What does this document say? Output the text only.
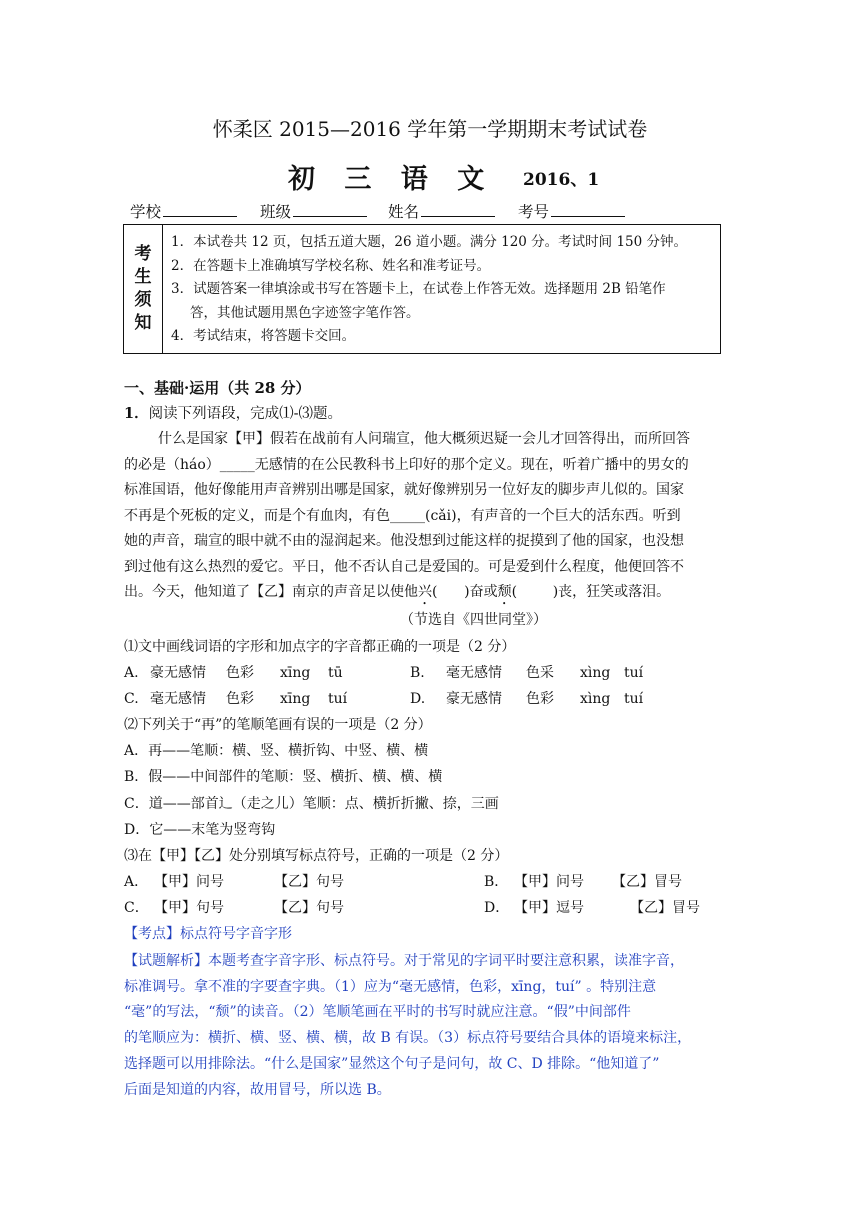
怀柔区 2015—2016 学年第一学期期末考试试卷
初 三 语 文 2016、1
学校	班级	姓名	考号
考
生
须
知

1．本试卷共 12 页，包括五道大题，26 道小题。满分 120 分。考试时间 150 分钟。
2．在答题卡上准确填写学校名称、姓名和准考证号。
3．试题答案一律填涂或书写在答题卡上，在试卷上作答无效。选择题用 2B 铅笔作
答，其他试题用黑色字迹签字笔作答。
4．考试结束，将答题卡交回。
一、基础·运用（共 28 分）
1．阅读下列语段，完成⑴-⑶题。
什么是国家【甲】假若在战前有人问瑞宣，他大概须迟疑一会儿才回答得出，而所回答
的必是（háo）_____无感情的在公民教科书上印好的那个定义。现在，听着广播中的男女的
标准国语，他好像能用声音辨别出哪是国家，就好像辨别另一位好友的脚步声儿似的。国家
不再是个死板的定义，而是个有血肉，有色_____(cǎi)，有声音的一个巨大的活东西。听到
她的声音，瑞宣的眼中就不由的湿润起来。他没想到过能这样的捉摸到了他的国家，也没想
到过他有这么热烈的爱它。平日，他不否认自己是爱国的。可是爱到什么程度，他便回答不
出。今天，他知道了【乙】南京的声音足以使他兴(      )奋或颓(        )丧，狂笑或落泪。
（节选自《四世同堂》）
⑴文中画线词语的字形和加点字的字音都正确的一项是（2 分）
A. 豪无感情 色彩 xīng tū	B. 毫无感情 色采 xìng tuí
C. 毫无感情 色彩 xīng tuí	D. 豪无感情 色彩 xìng tuí
⑵下列关于“再”的笔顺笔画有误的一项是（2 分）
A．再——笔顺：横、竖、横折钩、中竖、横、横
B．假——中间部件的笔顺：竖、横折、横、横、横
C．道——部首辶（走之儿）笔顺：点、横折折撇、捺，三画
D．它——末笔为竖弯钩
⑶在【甲】【乙】处分别填写标点符号，正确的一项是（2 分）
A． 【甲】问号	【乙】句号	B． 【甲】问号 【乙】冒号
C． 【甲】句号	【乙】句号	D． 【甲】逗号	【乙】冒号
【考点】标点符号字音字形
【试题解析】本题考查字音字形、标点符号。对于常见的字词平时要注意积累，读准字音，
标准调号。拿不准的字要查字典。（1）应为“毫无感情，色彩，xīng，tuí” 。特别注意
“毫”的写法，“颓”的读音。（2）笔顺笔画在平时的书写时就应注意。“假”中间部件
的笔顺应为：横折、横、竖、横、横，故 B 有误。（3）标点符号要结合具体的语境来标注，
选择题可以用排除法。“什么是国家”显然这个句子是问句，故 C、D 排除。“他知道了”
后面是知道的内容，故用冒号，所以选 B。
